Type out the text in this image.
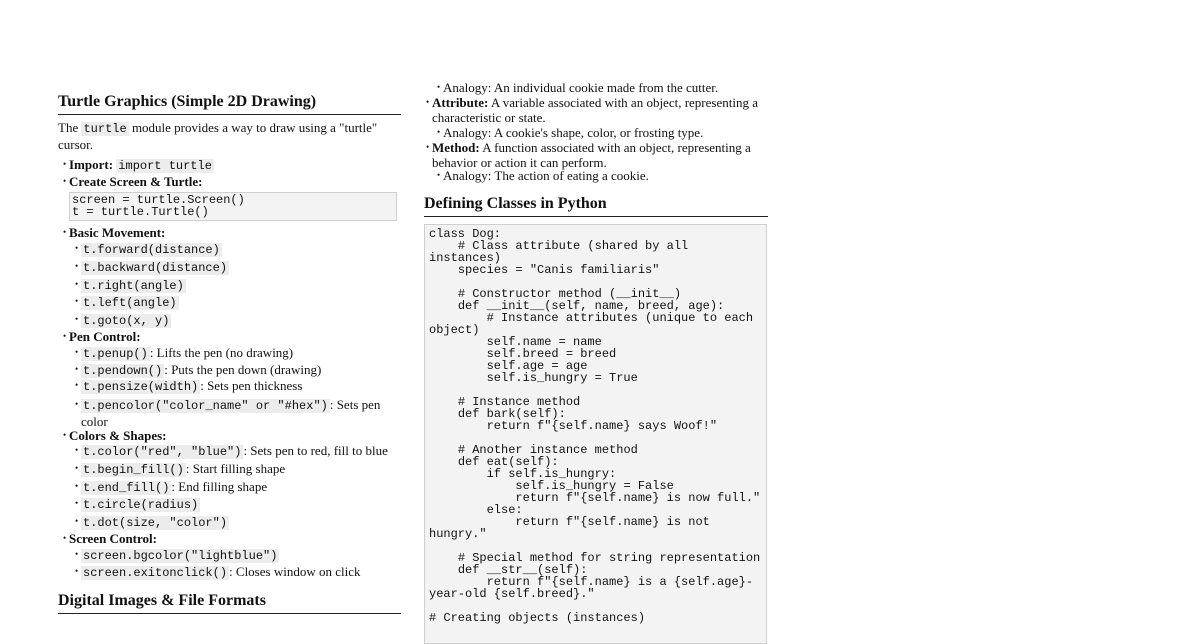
Turtle Graphics (Simple 2D Drawing)
The turtle module provides a way to draw using a "turtle" cursor.
• Import: import turtle
• Create Screen & Turtle:
• Basic Movement:
• t.forward(distance)
• t.backward(distance)
• t.right(angle)
• t.left(angle)
• t.goto(x, y)
• Pen Control:
• t.penup() : Lifts the pen (no drawing)
• t.pendown() : Puts the pen down (drawing)
• t.pensize(width) : Sets pen thickness
• t.pencolor("color_name" or "#hex") : Sets pen color
• Colors & Shapes:
• t.color("red", "blue") : Sets pen to red, fill to blue
• t.begin_fill() : Start filling shape
• t.end_fill() : End filling shape
• t.circle(radius)
• t.dot(size, "color")
• Screen Control:
• screen.bgcolor("lightblue")
• screen.exitonclick() : Closes window on click
screen = turtle.Screen()
t = turtle.Turtle()
Digital Images & File Formats
• Analogy: An individual cookie made from the cutter.
• Attribute: A variable associated with an object, representing a characteristic or state.
• Analogy: A cookie's shape, color, or frosting type.
• Method: A function associated with an object, representing a behavior or action it can perform.
• Analogy: The action of eating a cookie.
Defining Classes in Python
class Dog:
# Class attribute (shared by all instances)
species = "Canis familiaris"

# Constructor method (__init__)
def __init__(self, name, breed, age):
# Instance attributes (unique to each object)
self.name = name
self.breed = breed
self.age = age
self.is_hungry = True

# Instance method
def bark(self):
return f"{self.name} says Woof!"

# Another instance method
def eat(self):
if self.is_hungry:
self.is_hungry = False
return f"{self.name} is now full."
else:
return f"{self.name} is not hungry."

# Special method for string representation
def __str__(self):
return f"{self.name} is a {self.age}-year-old {self.breed}."

# Creating objects (instances)
